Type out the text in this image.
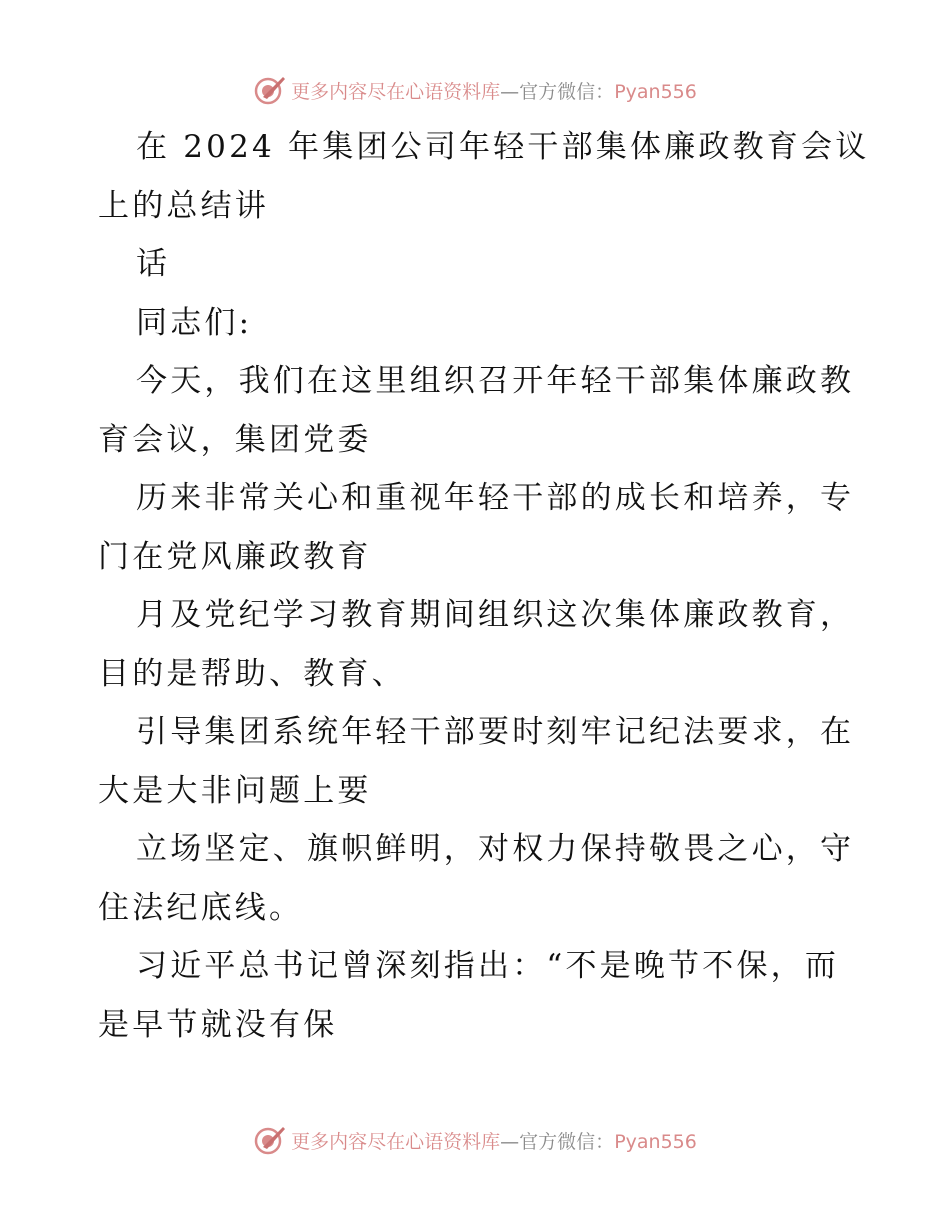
更多内容尽在心语资料库—官方微信：Pyan556
在 2024 年集团公司年轻干部集体廉政教育会议
上的总结讲
话
同志们:
今天，我们在这里组织召开年轻干部集体廉政教
育会议，集团党委
历来非常关心和重视年轻干部的成长和培养，专
门在党风廉政教育
月及党纪学习教育期间组织这次集体廉政教育，
目的是帮助、教育、
引导集团系统年轻干部要时刻牢记纪法要求，在
大是大非问题上要
立场坚定、旗帜鲜明，对权力保持敬畏之心，守
住法纪底线。
习近平总书记曾深刻指出：“不是晚节不保，而
是早节就没有保
更多内容尽在心语资料库—官方微信：Pyan556
